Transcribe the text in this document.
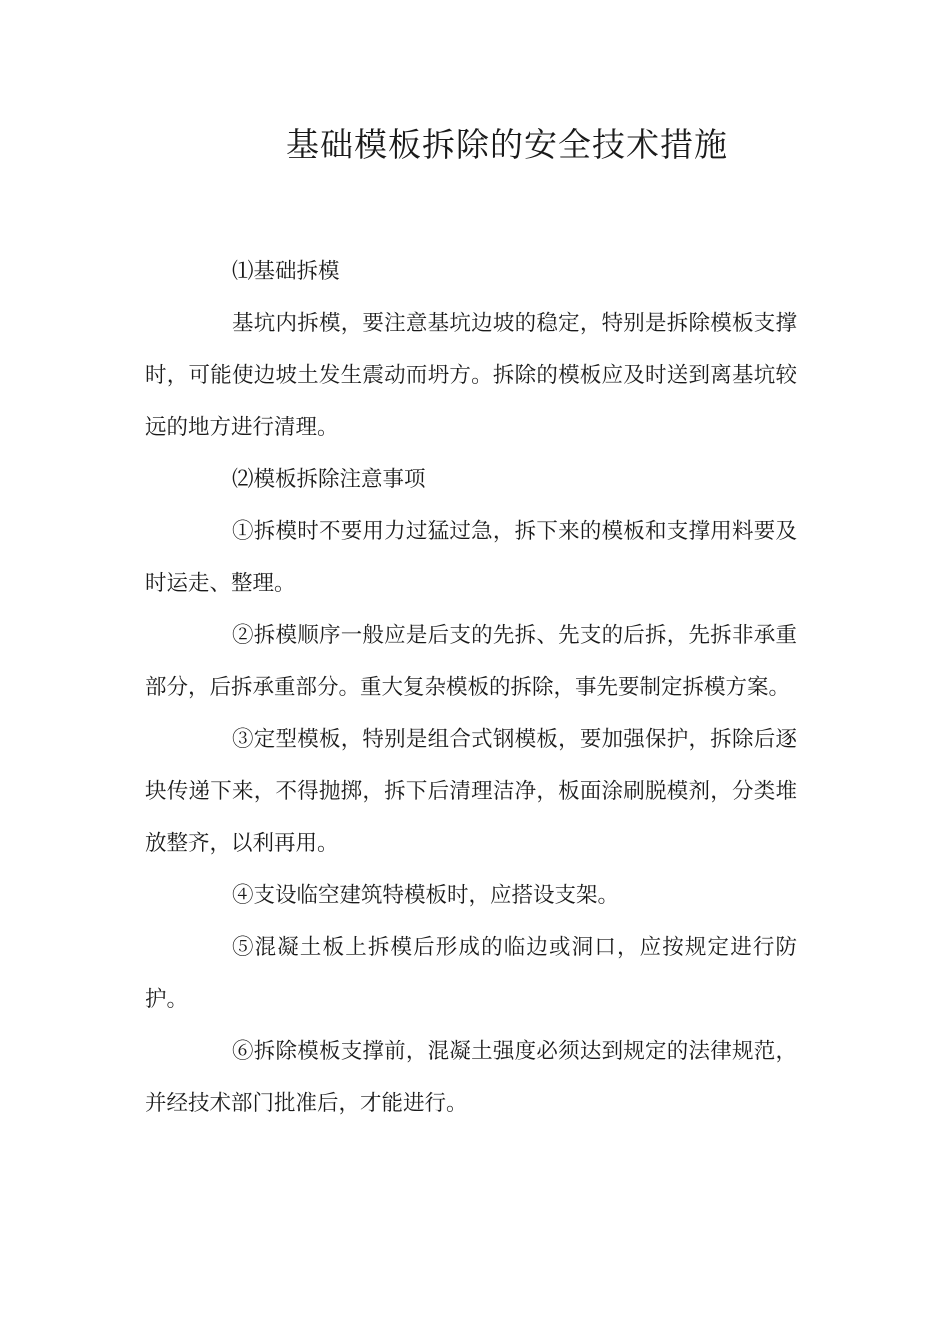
基础模板拆除的安全技术措施

⑴基础拆模

基坑内拆模，要注意基坑边坡的稳定，特别是拆除模板支撑时，可能使边坡土发生震动而坍方。拆除的模板应及时送到离基坑较远的地方进行清理。

⑵模板拆除注意事项

①拆模时不要用力过猛过急，拆下来的模板和支撑用料要及时运走、整理。

②拆模顺序一般应是后支的先拆、先支的后拆，先拆非承重部分，后拆承重部分。重大复杂模板的拆除，事先要制定拆模方案。

③定型模板，特别是组合式钢模板，要加强保护，拆除后逐块传递下来，不得抛掷，拆下后清理洁净，板面涂刷脱模剂，分类堆放整齐，以利再用。

④支设临空建筑特模板时，应搭设支架。

⑤混凝土板上拆模后形成的临边或洞口，应按规定进行防护。

⑥拆除模板支撑前，混凝土强度必须达到规定的法律规范，并经技术部门批准后，才能进行。
